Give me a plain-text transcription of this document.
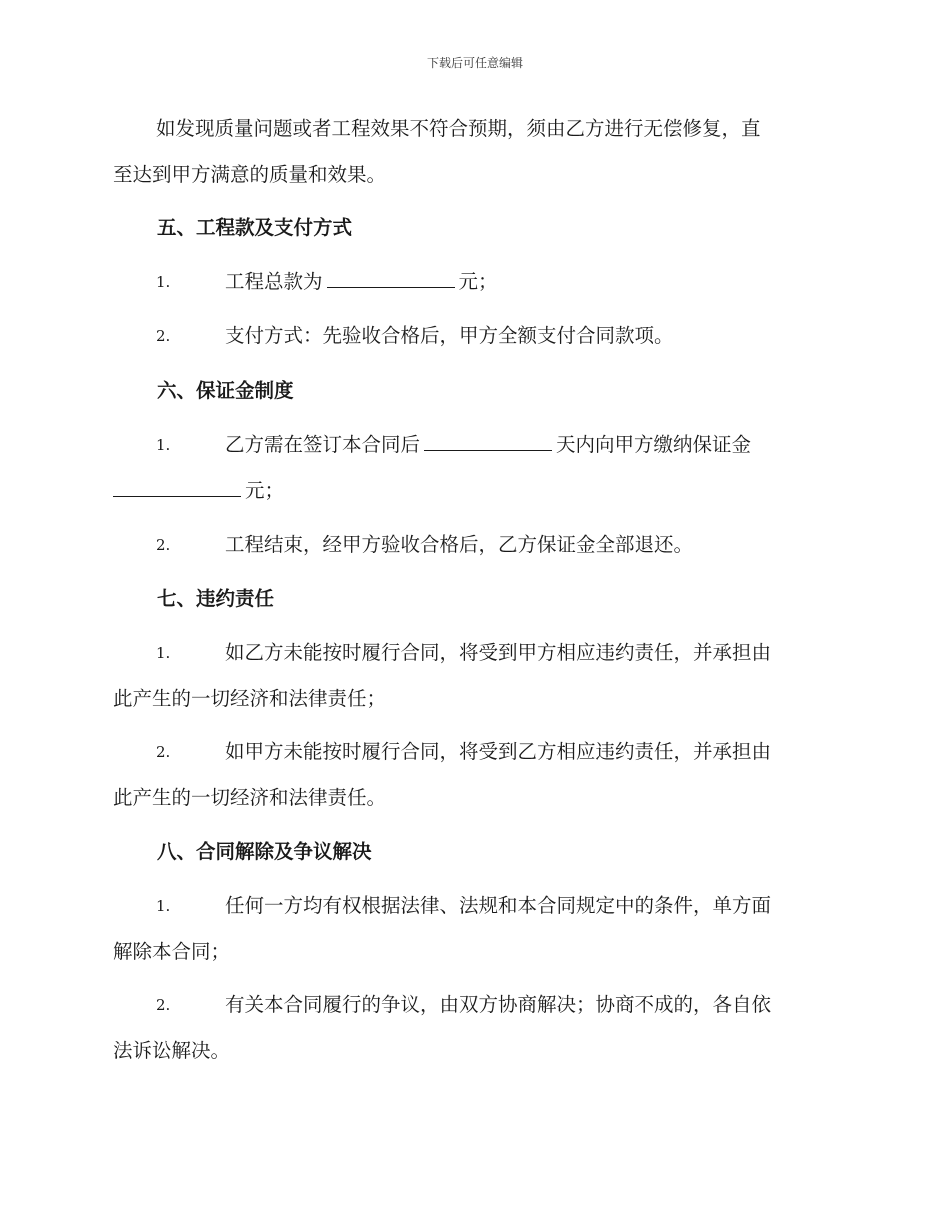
下载后可任意编辑
如发现质量问题或者工程效果不符合预期，须由乙方进行无偿修复，直
至达到甲方满意的质量和效果。
五、工程款及支付方式
1.	工程总款为	元；
2.	支付方式：先验收合格后，甲方全额支付合同款项。
六、保证金制度
1.	乙方需在签订本合同后	天内向甲方缴纳保证金
元；
2.	工程结束，经甲方验收合格后，乙方保证金全部退还。
七、违约责任
1.	如乙方未能按时履行合同，将受到甲方相应违约责任，并承担由
此产生的一切经济和法律责任；
2.	如甲方未能按时履行合同，将受到乙方相应违约责任，并承担由
此产生的一切经济和法律责任。
八、合同解除及争议解决
1.	任何一方均有权根据法律、法规和本合同规定中的条件，单方面
解除本合同；
2.	有关本合同履行的争议，由双方协商解决；协商不成的，各自依
法诉讼解决。
